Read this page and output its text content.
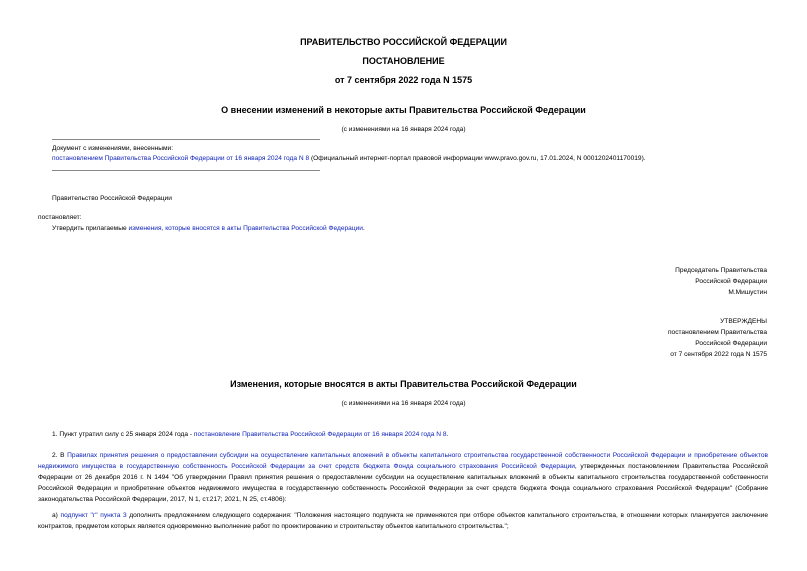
ПРАВИТЕЛЬСТВО РОССИЙСКОЙ ФЕДЕРАЦИИ
ПОСТАНОВЛЕНИЕ
от 7 сентября 2022 года N 1575
О внесении изменений в некоторые акты Правительства Российской Федерации
(с изменениями на 16 января 2024 года)
Документ с изменениями, внесенными:
постановлением Правительства Российской Федерации от 16 января 2024 года N 8 (Официальный интернет-портал правовой информации www.pravo.gov.ru, 17.01.2024, N 0001202401170019).
Правительство Российской Федерации
постановляет:
Утвердить прилагаемые изменения, которые вносятся в акты Правительства Российской Федерации.
Председатель Правительства
Российской Федерации
М.Мишустин
УТВЕРЖДЕНЫ
постановлением Правительства
Российской Федерации
от 7 сентября 2022 года N 1575
Изменения, которые вносятся в акты Правительства Российской Федерации
(с изменениями на 16 января 2024 года)
1. Пункт утратил силу с 25 января 2024 года - постановление Правительства Российской Федерации от 16 января 2024 года N 8.
2. В Правилах принятия решения о предоставлении субсидии на осуществление капитальных вложений в объекты капитального строительства государственной собственности Российской Федерации и приобретение объектов недвижимого имущества в государственную собственность Российской Федерации за счет средств бюджета Фонда социального страхования Российской Федерации, утвержденных постановлением Правительства Российской Федерации от 26 декабря 2016 г. N 1494 "Об утверждении Правил принятия решения о предоставлении субсидии на осуществление капитальных вложений в объекты капитального строительства государственной собственности Российской Федерации и приобретение объектов недвижимого имущества в государственную собственность Российской Федерации за счет средств бюджета Фонда социального страхования Российской Федерации" (Собрание законодательства Российской Федерации, 2017, N 1, ст.217; 2021, N 25, ст.4806):
а) подпункт "г" пункта 3 дополнить предложением следующего содержания: "Положения настоящего подпункта не применяются при отборе объектов капитального строительства, в отношении которых планируется заключение контрактов, предметом которых является одновременно выполнение работ по проектированию и строительству объектов капитального строительства.";
